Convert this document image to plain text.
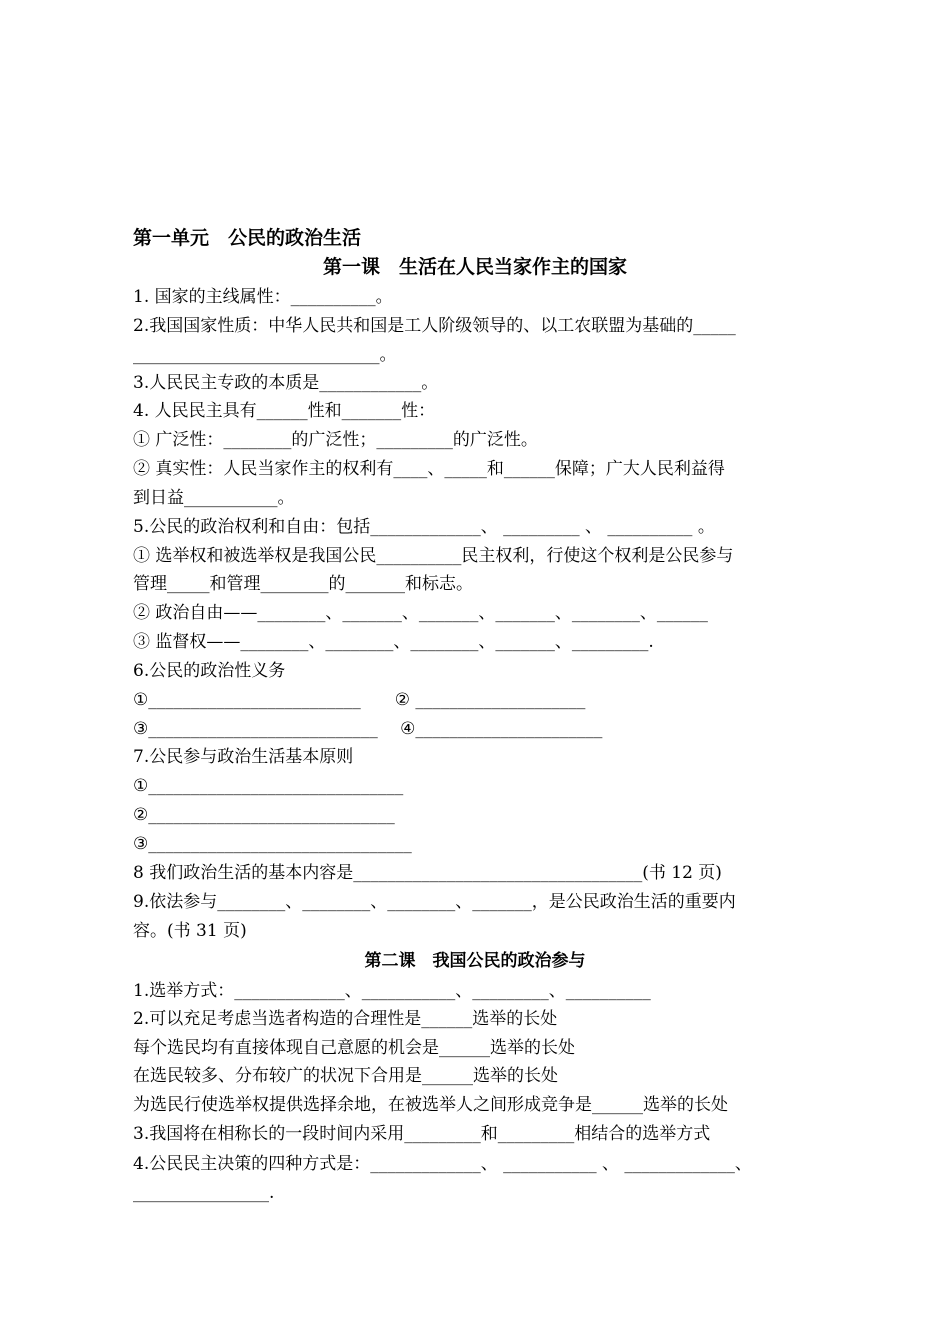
第一单元　公民的政治生活
第一课　生活在人民当家作主的国家
1. 国家的主线属性：__________。
2.我国国家性质：中华人民共和国是工人阶级领导的、以工农联盟为基础的_____
_____________________________。
3.人民民主专政的本质是____________。
4. 人民民主具有______性和_______性：
① 广泛性：________的广泛性；_________的广泛性。
② 真实性：人民当家作主的权利有____、_____和______保障；广大人民利益得
到日益___________。
5.公民的政治权利和自由：包括_____________、 _________ 、 __________ 。
① 选举权和被选举权是我国公民__________民主权利，行使这个权利是公民参与
管理_____和管理________的_______和标志。
② 政治自由——________、_______、_______、_______、________、______
③ 监督权——________、________、________、_______、_________.
6.公民的政治性义务
①_________________________　　② ____________________
③___________________________　 ④______________________
7.公民参与政治生活基本原则
①______________________________
②_____________________________
③_______________________________
8 我们政治生活的基本内容是__________________________________(书 12 页)
9.依法参与________、________、________、_______，是公民政治生活的重要内
容。(书 31 页)
第二课　我国公民的政治参与
1.选举方式：_____________、___________、_________、__________
2.可以充足考虑当选者构造的合理性是______选举的长处
每个选民均有直接体现自己意愿的机会是______选举的长处
在选民较多、分布较广的状况下合用是______选举的长处
为选民行使选举权提供选择余地，在被选举人之间形成竞争是______选举的长处
3.我国将在相称长的一段时间内采用_________和_________相结合的选举方式
4.公民民主决策的四种方式是：_____________、 ___________ 、 _____________、
________________.
